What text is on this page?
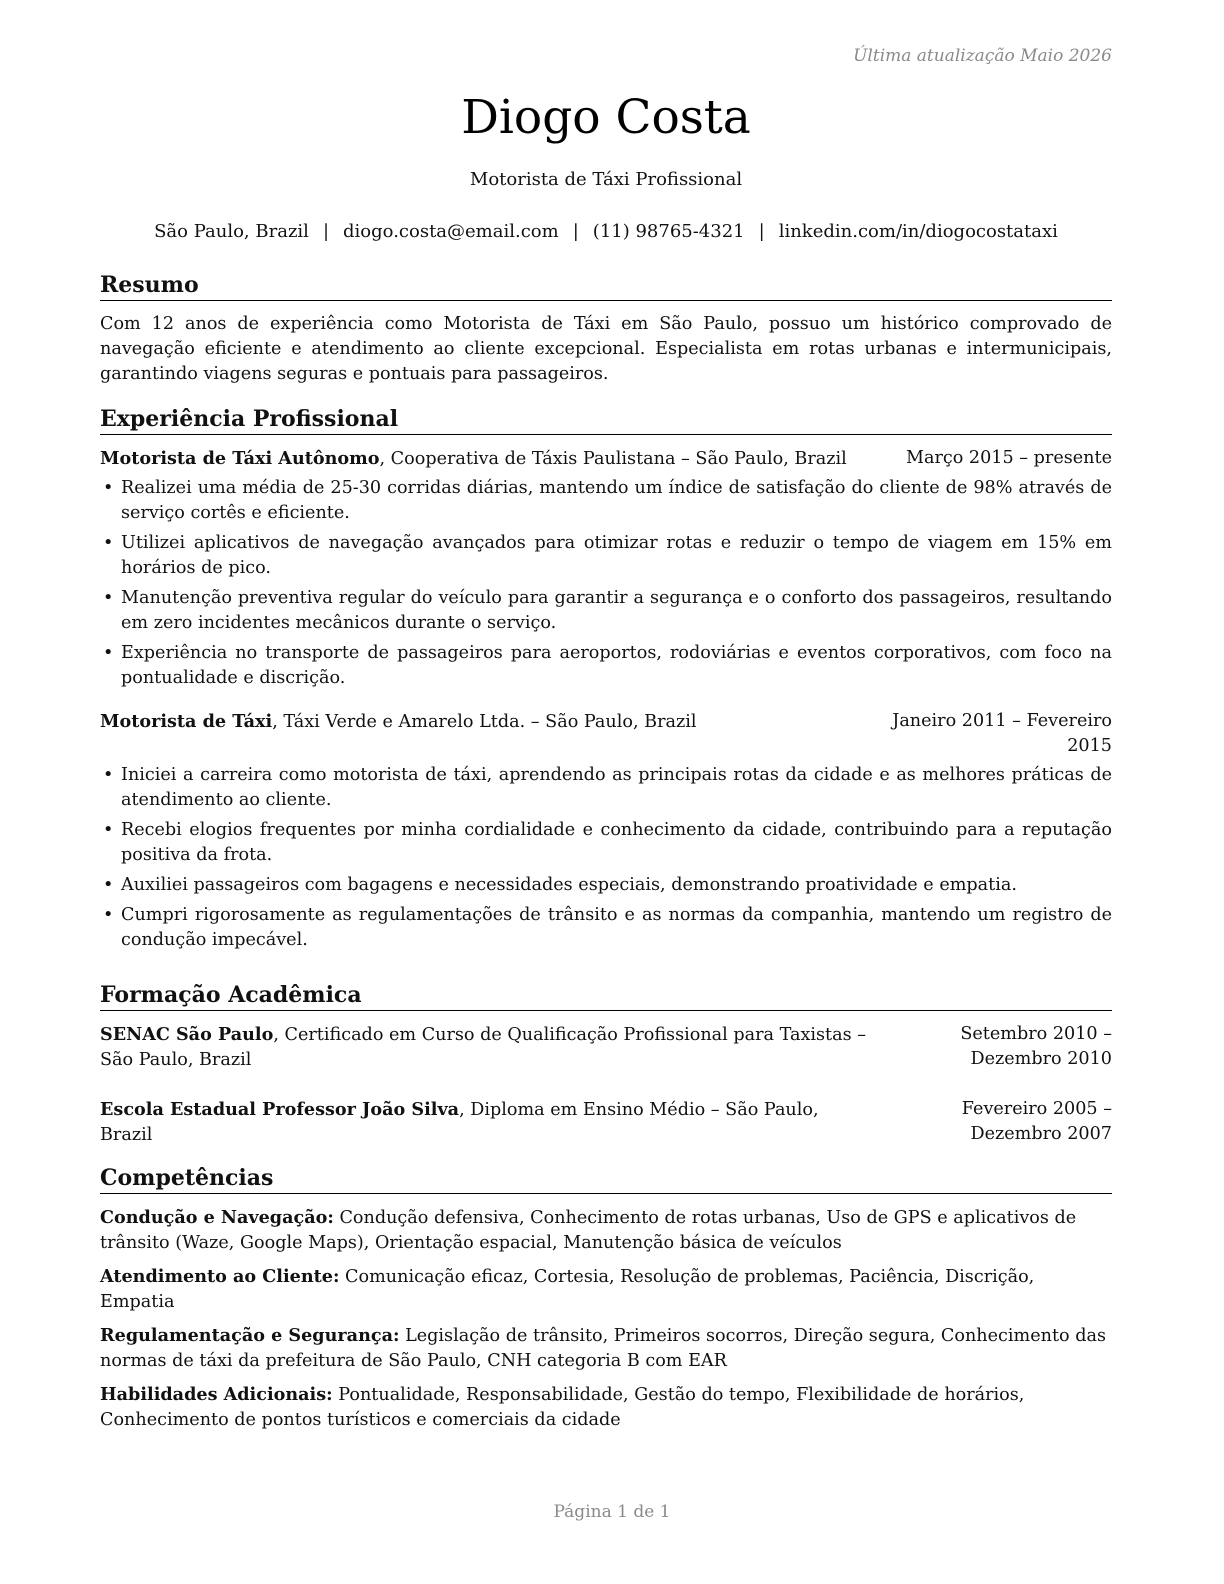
Última atualização Maio 2026
Diogo Costa
Motorista de Táxi Profissional
São Paulo, Brazil | diogo.costa@email.com | (11) 98765-4321 | linkedin.com/in/diogocostataxi
Resumo
Com 12 anos de experiência como Motorista de Táxi em São Paulo, possuo um histórico comprovado de navegação eficiente e atendimento ao cliente excepcional. Especialista em rotas urbanas e intermunicipais, garantindo viagens seguras e pontuais para passageiros.
Experiência Profissional
Motorista de Táxi Autônomo, Cooperativa de Táxis Paulistana – São Paulo, Brazil	Março 2015 – presente
• Realizei uma média de 25-30 corridas diárias, mantendo um índice de satisfação do cliente de 98% através de serviço cortês e eficiente.
• Utilizei aplicativos de navegação avançados para otimizar rotas e reduzir o tempo de viagem em 15% em horários de pico.
• Manutenção preventiva regular do veículo para garantir a segurança e o conforto dos passageiros, resultando em zero incidentes mecânicos durante o serviço.
• Experiência no transporte de passageiros para aeroportos, rodoviárias e eventos corporativos, com foco na pontualidade e discrição.
Motorista de Táxi, Táxi Verde e Amarelo Ltda. – São Paulo, Brazil	Janeiro 2011 – Fevereiro 2015
• Iniciei a carreira como motorista de táxi, aprendendo as principais rotas da cidade e as melhores práticas de atendimento ao cliente.
• Recebi elogios frequentes por minha cordialidade e conhecimento da cidade, contribuindo para a reputação positiva da frota.
• Auxiliei passageiros com bagagens e necessidades especiais, demonstrando proatividade e empatia.
• Cumpri rigorosamente as regulamentações de trânsito e as normas da companhia, mantendo um registro de condução impecável.
Formação Acadêmica
SENAC São Paulo, Certificado em Curso de Qualificação Profissional para Taxistas – São Paulo, Brazil
Setembro 2010 – Dezembro 2010
Escola Estadual Professor João Silva, Diploma em Ensino Médio – São Paulo, Brazil
Fevereiro 2005 – Dezembro 2007
Competências
Condução e Navegação: Condução defensiva, Conhecimento de rotas urbanas, Uso de GPS e aplicativos de trânsito (Waze, Google Maps), Orientação espacial, Manutenção básica de veículos
Atendimento ao Cliente: Comunicação eficaz, Cortesia, Resolução de problemas, Paciência, Discrição, Empatia
Regulamentação e Segurança: Legislação de trânsito, Primeiros socorros, Direção segura, Conhecimento das normas de táxi da prefeitura de São Paulo, CNH categoria B com EAR
Habilidades Adicionais: Pontualidade, Responsabilidade, Gestão do tempo, Flexibilidade de horários, Conhecimento de pontos turísticos e comerciais da cidade
Página 1 de 1
